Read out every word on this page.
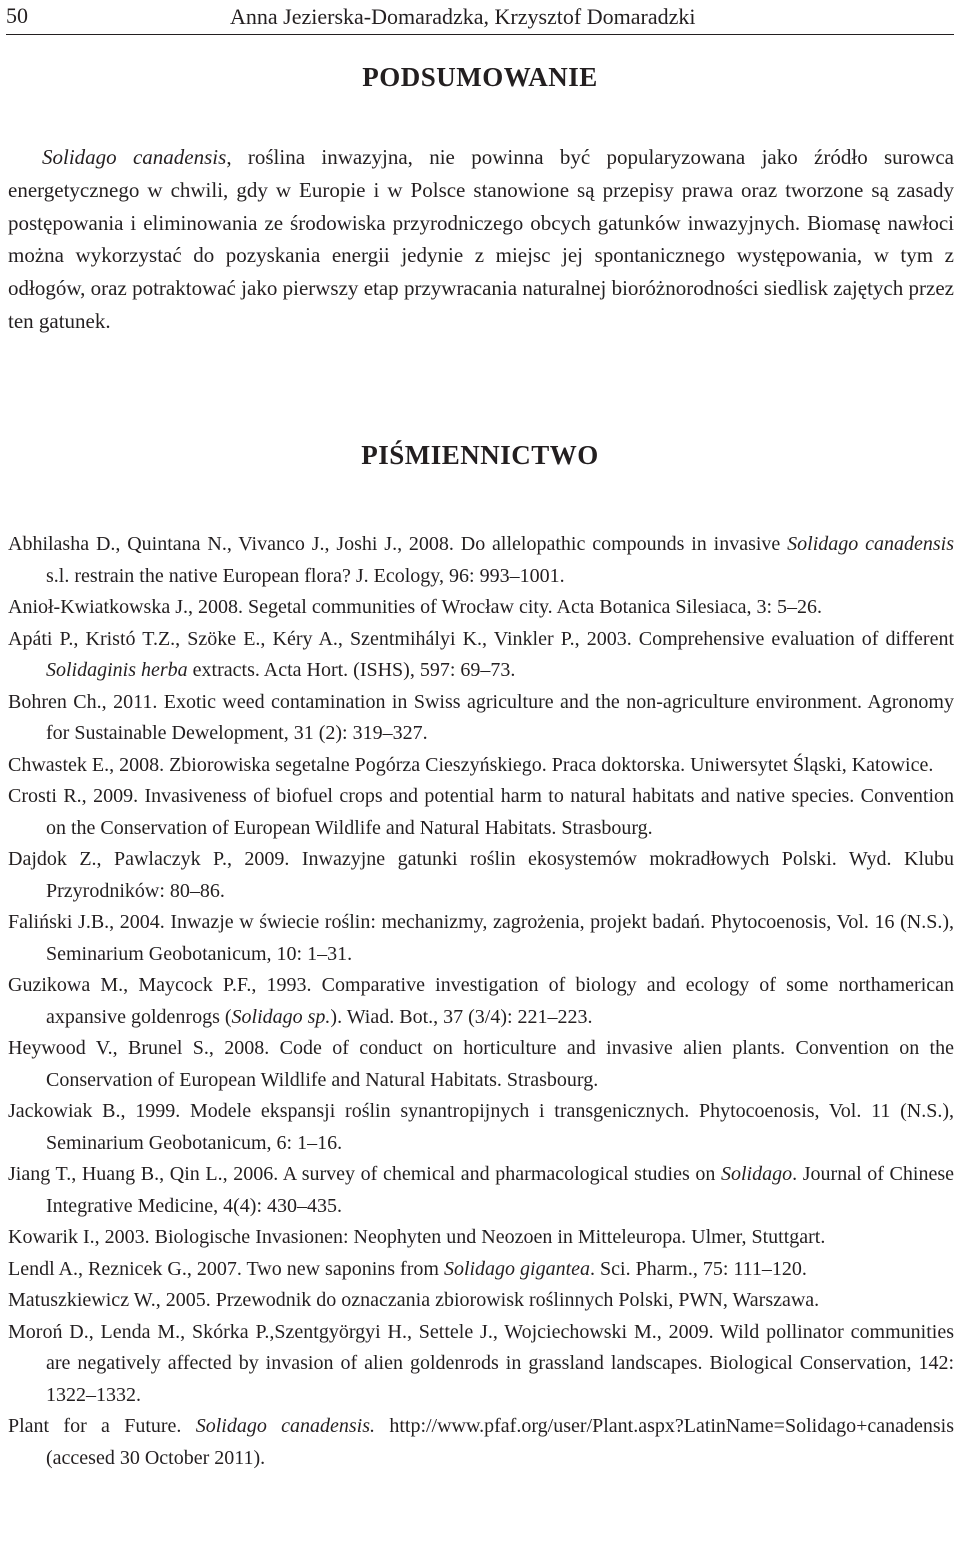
50	Anna Jezierska-Domaradzka, Krzysztof Domaradzki
PODSUMOWANIE

Solidago canadensis, roślina inwazyjna, nie powinna być popularyzowana jako źródło surowca energetycznego w chwili, gdy w Europie i w Polsce stanowione są przepisy prawa oraz tworzone są zasady postępowania i eliminowania ze środowiska przyrodniczego obcych gatunków inwazyjnych. Biomasę nawłoci można wykorzystać do pozyskania energii jedynie z miejsc jej spontanicznego występowania, w tym z odłogów, oraz potraktować jako pierwszy etap przywracania naturalnej bioróżnorodności siedlisk zajętych przez ten gatunek.

PIŚMIENNICTWO
Abhilasha D., Quintana N., Vivanco J., Joshi J., 2008. Do allelopathic compounds in invasive Solidago canadensis s.l. restrain the native European flora? J. Ecology, 96: 993–1001.
Anioł-Kwiatkowska J., 2008. Segetal communities of Wrocław city. Acta Botanica Silesiaca, 3: 5–26.
Apáti P., Kristó T.Z., Szöke E., Kéry A., Szentmihályi K., Vinkler P., 2003. Comprehensive evaluation of different Solidaginis herba extracts. Acta Hort. (ISHS), 597: 69–73.
Bohren Ch., 2011. Exotic weed contamination in Swiss agriculture and the non-agriculture environment. Agronomy for Sustainable Dewelopment, 31 (2): 319–327.
Chwastek E., 2008. Zbiorowiska segetalne Pogórza Cieszyńskiego. Praca doktorska. Uniwersytet Śląski, Katowice.
Crosti R., 2009. Invasiveness of biofuel crops and potential harm to natural habitats and native species. Convention on the Conservation of European Wildlife and Natural Habitats. Strasbourg.
Dajdok Z., Pawlaczyk P., 2009. Inwazyjne gatunki roślin ekosystemów mokradłowych Polski. Wyd. Klubu Przyrodników: 80–86.
Faliński J.B., 2004. Inwazje w świecie roślin: mechanizmy, zagrożenia, projekt badań. Phytocoenosis, Vol. 16 (N.S.), Seminarium Geobotanicum, 10: 1–31.
Guzikowa M., Maycock P.F., 1993. Comparative investigation of biology and ecology of some northamerican axpansive goldenrogs (Solidago sp.). Wiad. Bot., 37 (3/4): 221–223.
Heywood V., Brunel S., 2008. Code of conduct on horticulture and invasive alien plants. Convention on the Conservation of European Wildlife and Natural Habitats. Strasbourg.
Jackowiak B., 1999. Modele ekspansji roślin synantropijnych i transgenicznych. Phytocoenosis, Vol. 11 (N.S.), Seminarium Geobotanicum, 6: 1–16.
Jiang T., Huang B., Qin L., 2006. A survey of chemical and pharmacological studies on Solidago. Journal of Chinese Integrative Medicine, 4(4): 430–435.
Kowarik I., 2003. Biologische Invasionen: Neophyten und Neozoen in Mitteleuropa. Ulmer, Stuttgart.
Lendl A., Reznicek G., 2007. Two new saponins from Solidago gigantea. Sci. Pharm., 75: 111–120.
Matuszkiewicz W., 2005. Przewodnik do oznaczania zbiorowisk roślinnych Polski, PWN, Warszawa.
Moroń D., Lenda M., Skórka P.,Szentgyörgyi H., Settele J., Wojciechowski M., 2009. Wild pollinator communities are negatively affected by invasion of alien goldenrods in grassland landscapes. Biological Conservation, 142: 1322–1332.
Plant for a Future. Solidago canadensis. http://www.pfaf.org/user/Plant.aspx?LatinName=Solidago+canadensis (accesed 30 October 2011).
